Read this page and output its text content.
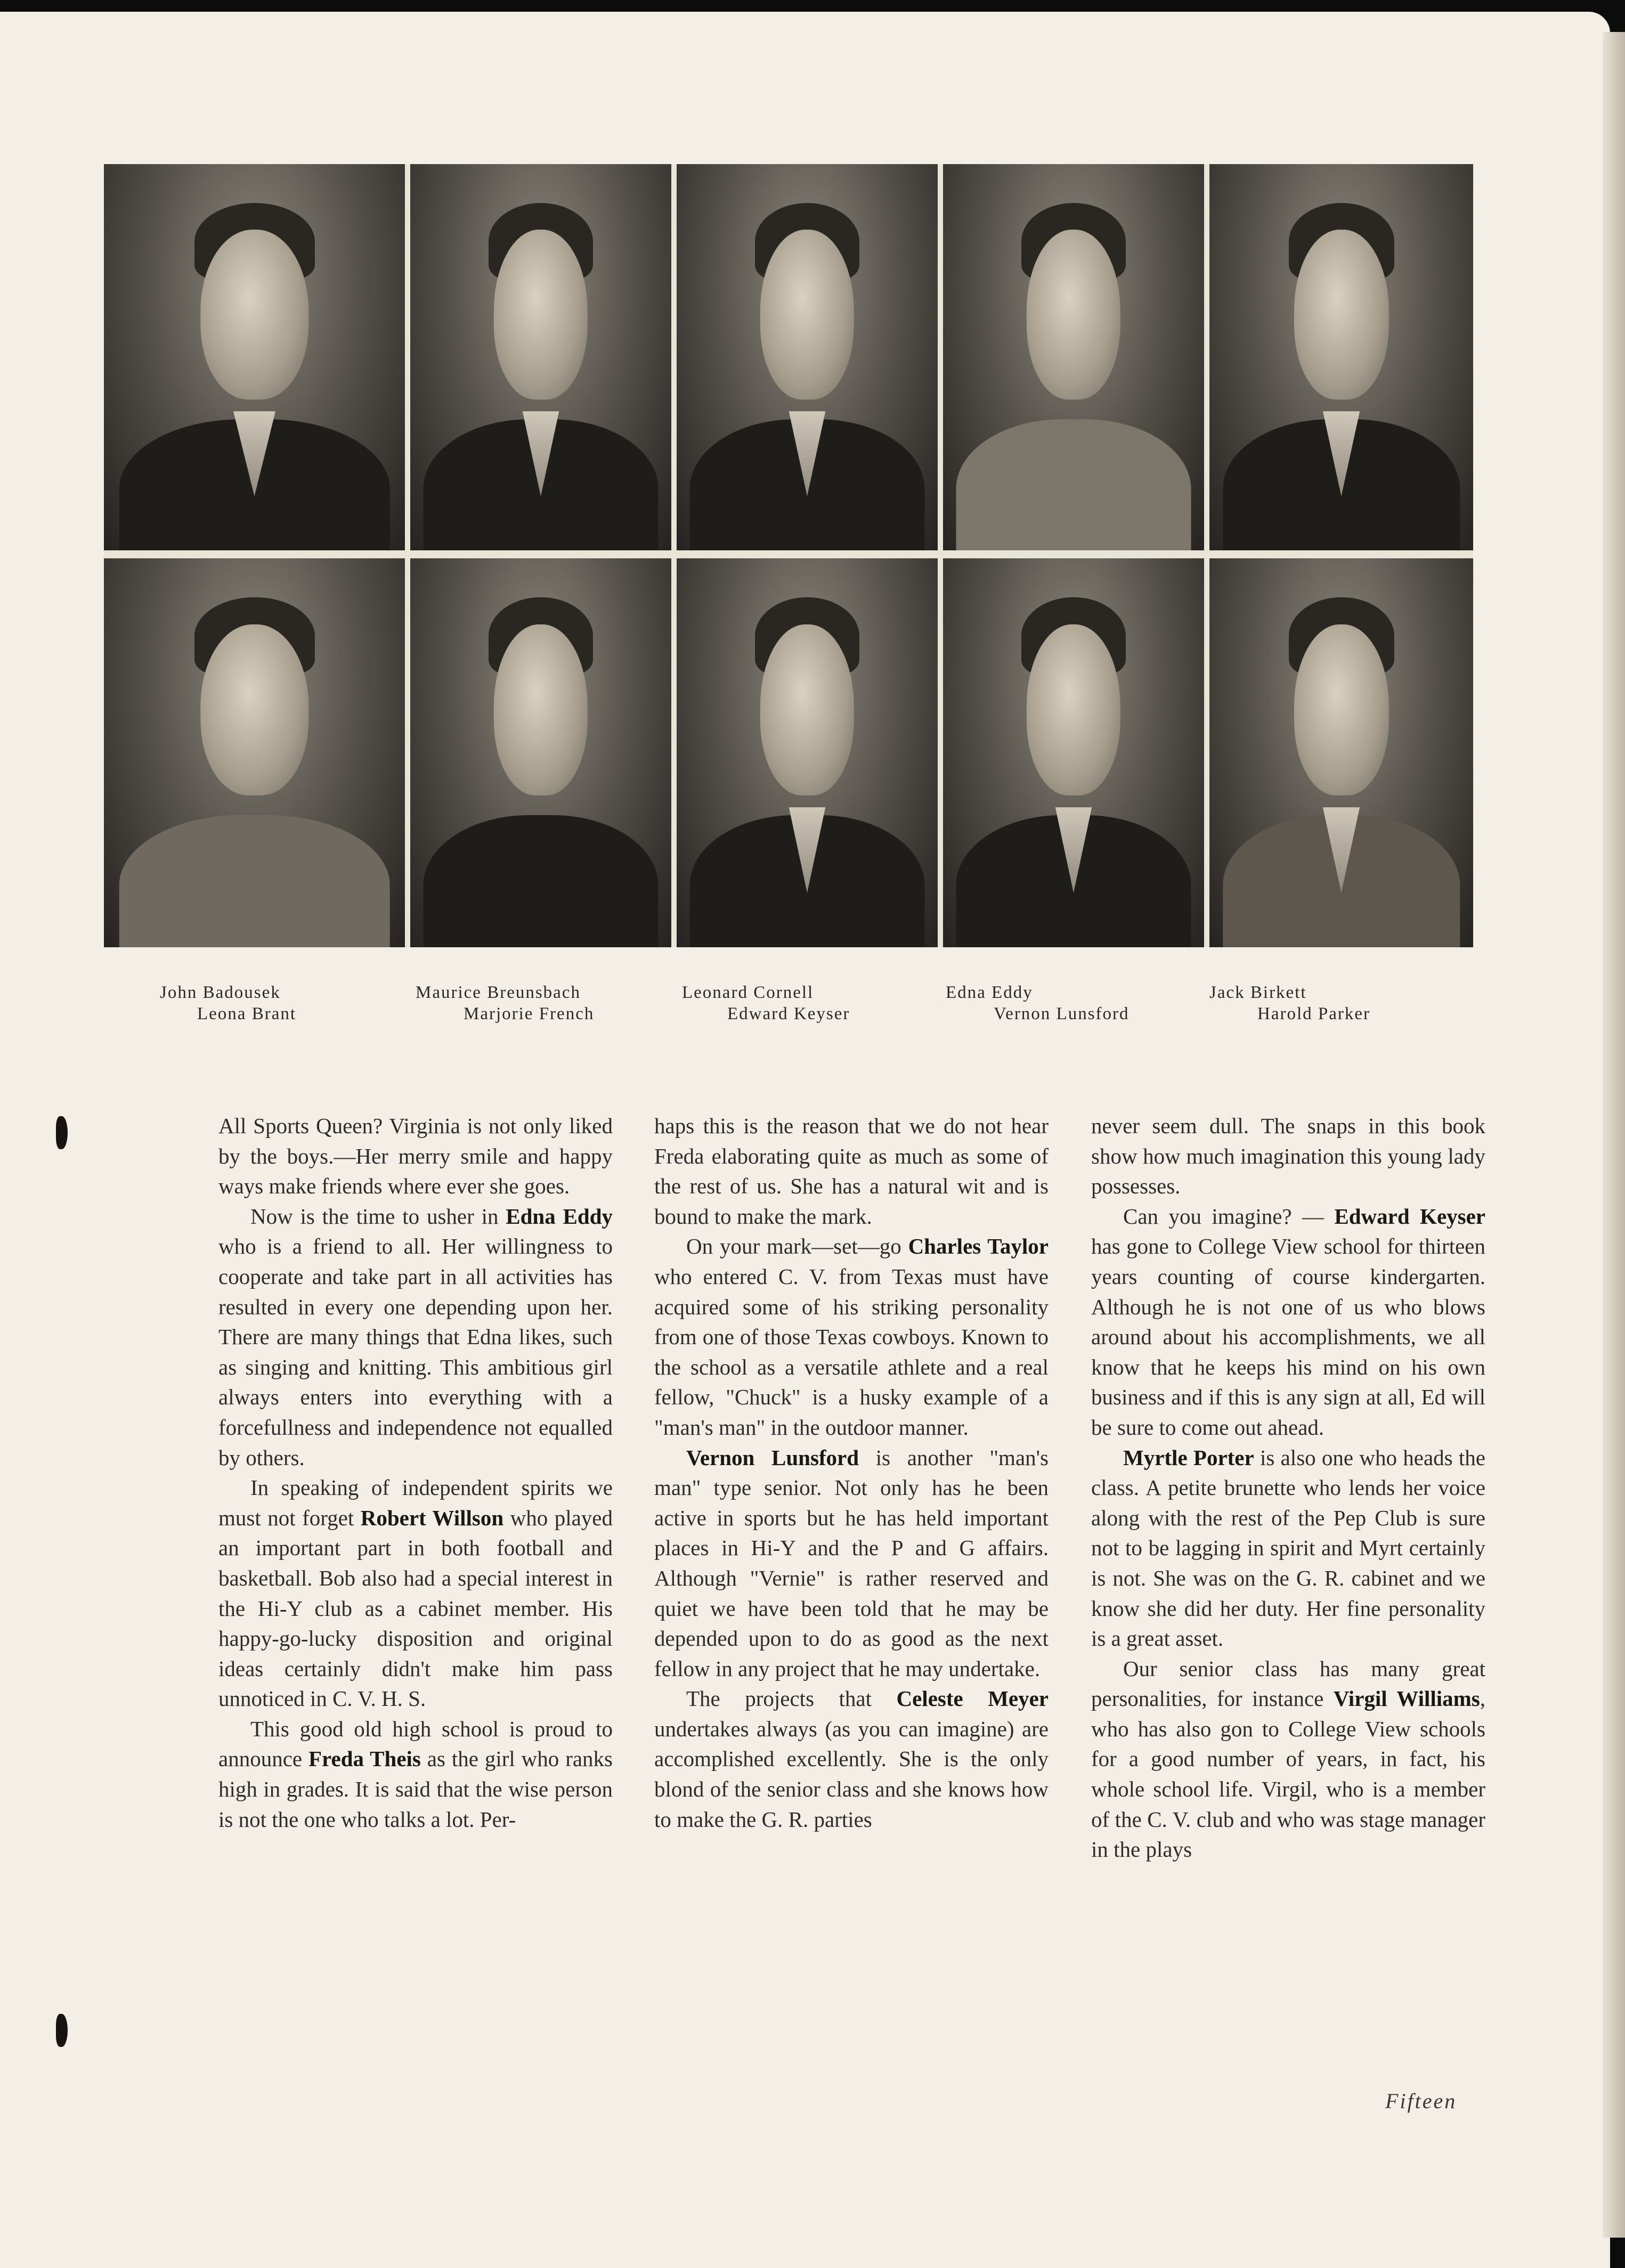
John Badousek
Leona Brant
Maurice Breunsbach
Marjorie French
Leonard Cornell
Edward Keyser
Edna Eddy
Vernon Lunsford
Jack Birkett
Harold Parker

All Sports Queen? Virginia is not only liked by the boys.—Her merry smile and happy ways make friends where ever she goes.

Now is the time to usher in Edna Eddy who is a friend to all. Her willingness to cooperate and take part in all activities has resulted in every one depending upon her. There are many things that Edna likes, such as singing and knitting. This ambitious girl always enters into everything with a forcefullness and independence not equalled by others.

In speaking of independent spirits we must not forget Robert Willson who played an important part in both football and basketball. Bob also had a special interest in the Hi-Y club as a cabinet member. His happy-go-lucky disposition and original ideas certainly didn't make him pass unnoticed in C. V. H. S.

This good old high school is proud to announce Freda Theis as the girl who ranks high in grades. It is said that the wise person is not the one who talks a lot. Per-

haps this is the reason that we do not hear Freda elaborating quite as much as some of the rest of us. She has a natural wit and is bound to make the mark.

On your mark—set—go Charles Taylor who entered C. V. from Texas must have acquired some of his striking personality from one of those Texas cowboys. Known to the school as a versatile athlete and a real fellow, "Chuck" is a husky example of a "man's man" in the outdoor manner.

Vernon Lunsford is another "man's man" type senior. Not only has he been active in sports but he has held important places in Hi-Y and the P and G affairs. Although "Vernie" is rather reserved and quiet we have been told that he may be depended upon to do as good as the next fellow in any project that he may undertake.

The projects that Celeste Meyer undertakes always (as you can imagine) are accomplished excellently. She is the only blond of the senior class and she knows how to make the G. R. parties

never seem dull. The snaps in this book show how much imagination this young lady possesses.

Can you imagine? — Edward Keyser has gone to College View school for thirteen years counting of course kindergarten. Although he is not one of us who blows around about his accomplishments, we all know that he keeps his mind on his own business and if this is any sign at all, Ed will be sure to come out ahead.

Myrtle Porter is also one who heads the class. A petite brunette who lends her voice along with the rest of the Pep Club is sure not to be lagging in spirit and Myrt certainly is not. She was on the G. R. cabinet and we know she did her duty. Her fine personality is a great asset.

Our senior class has many great personalities, for instance Virgil Williams, who has also gon to College View schools for a good number of years, in fact, his whole school life. Virgil, who is a member of the C. V. club and who was stage manager in the plays

Fifteen
